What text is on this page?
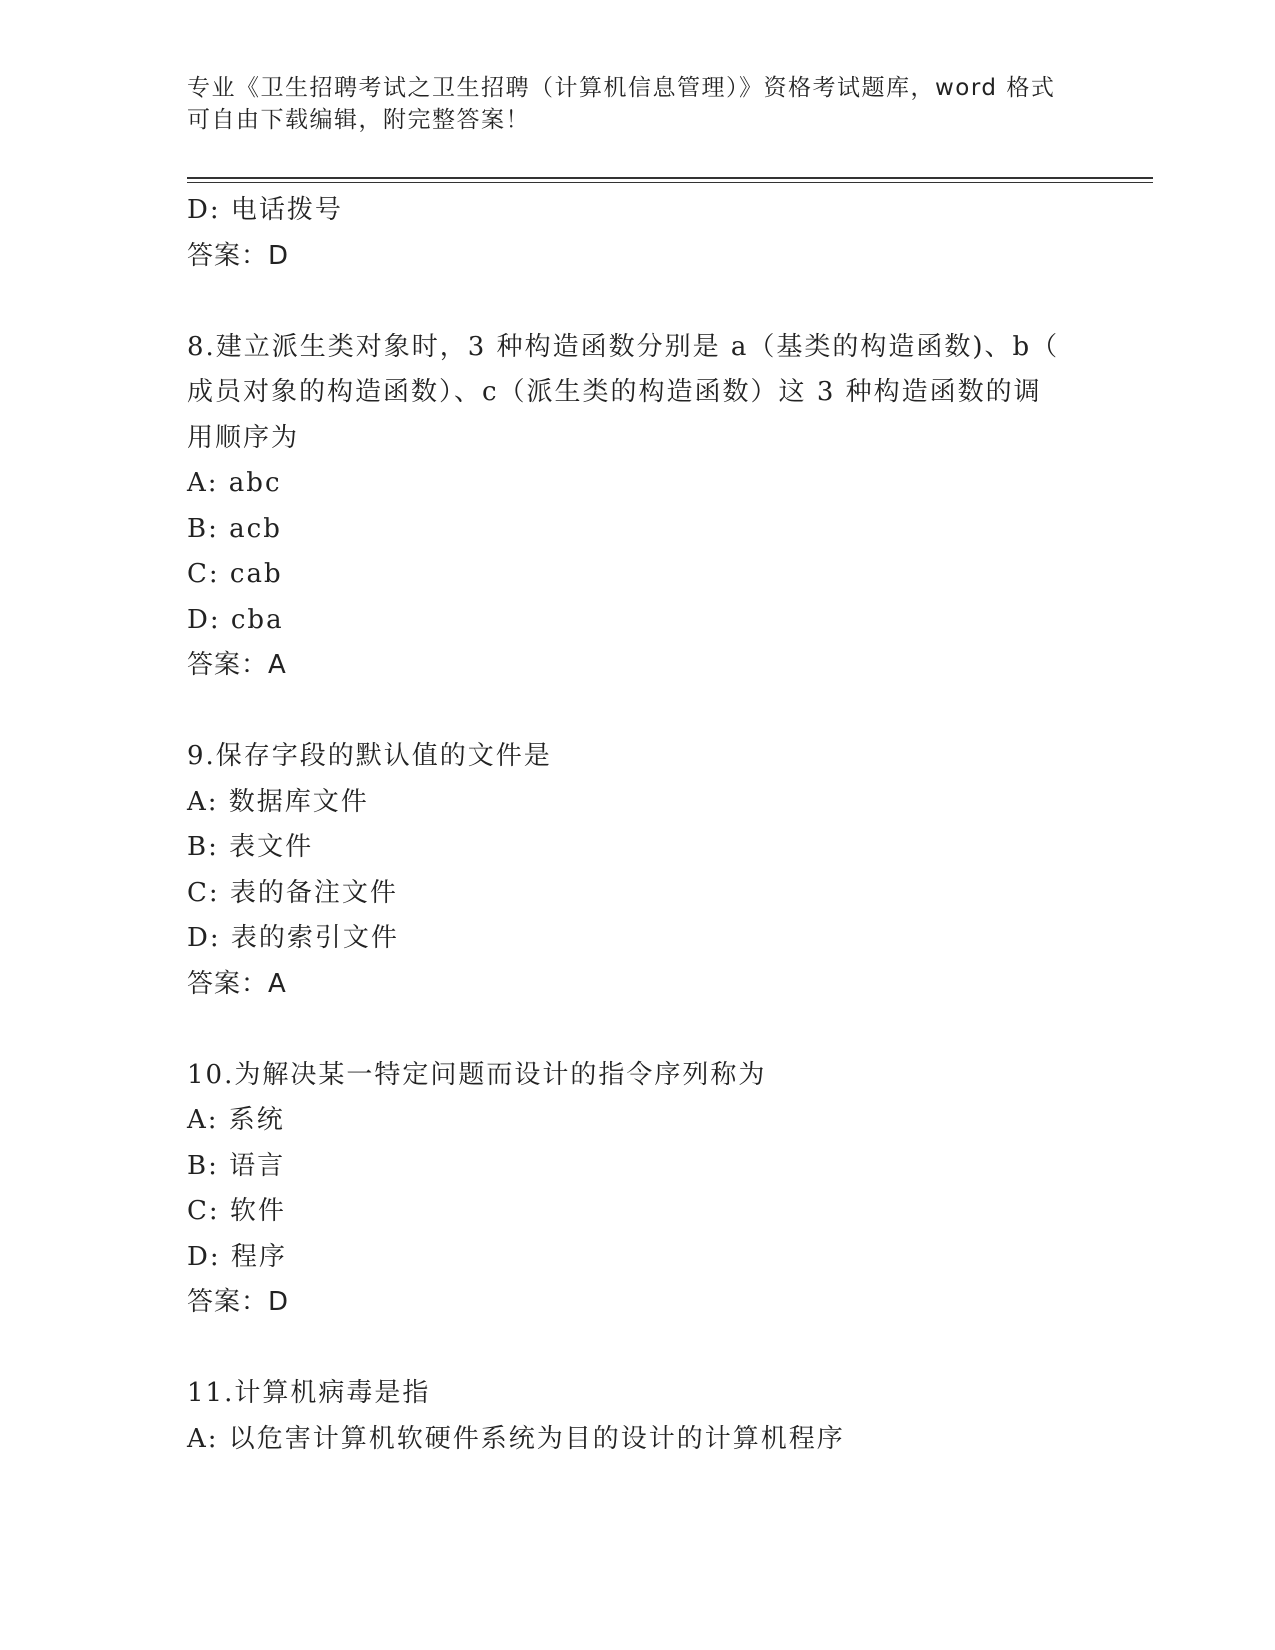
专业《卫生招聘考试之卫生招聘（计算机信息管理）》资格考试题库，word 格式
可自由下载编辑，附完整答案！
D: 电话拨号
答案：D
8.建立派生类对象时，3 种构造函数分别是 a（基类的构造函数)、b（
成员对象的构造函数）、c（派生类的构造函数）这 3 种构造函数的调
用顺序为
A: abc
B: acb
C: cab
D: cba
答案：A
9.保存字段的默认值的文件是
A: 数据库文件
B: 表文件
C: 表的备注文件
D: 表的索引文件
答案：A
10.为解决某一特定问题而设计的指令序列称为
A: 系统
B: 语言
C: 软件
D: 程序
答案：D
11.计算机病毒是指
A: 以危害计算机软硬件系统为目的设计的计算机程序
